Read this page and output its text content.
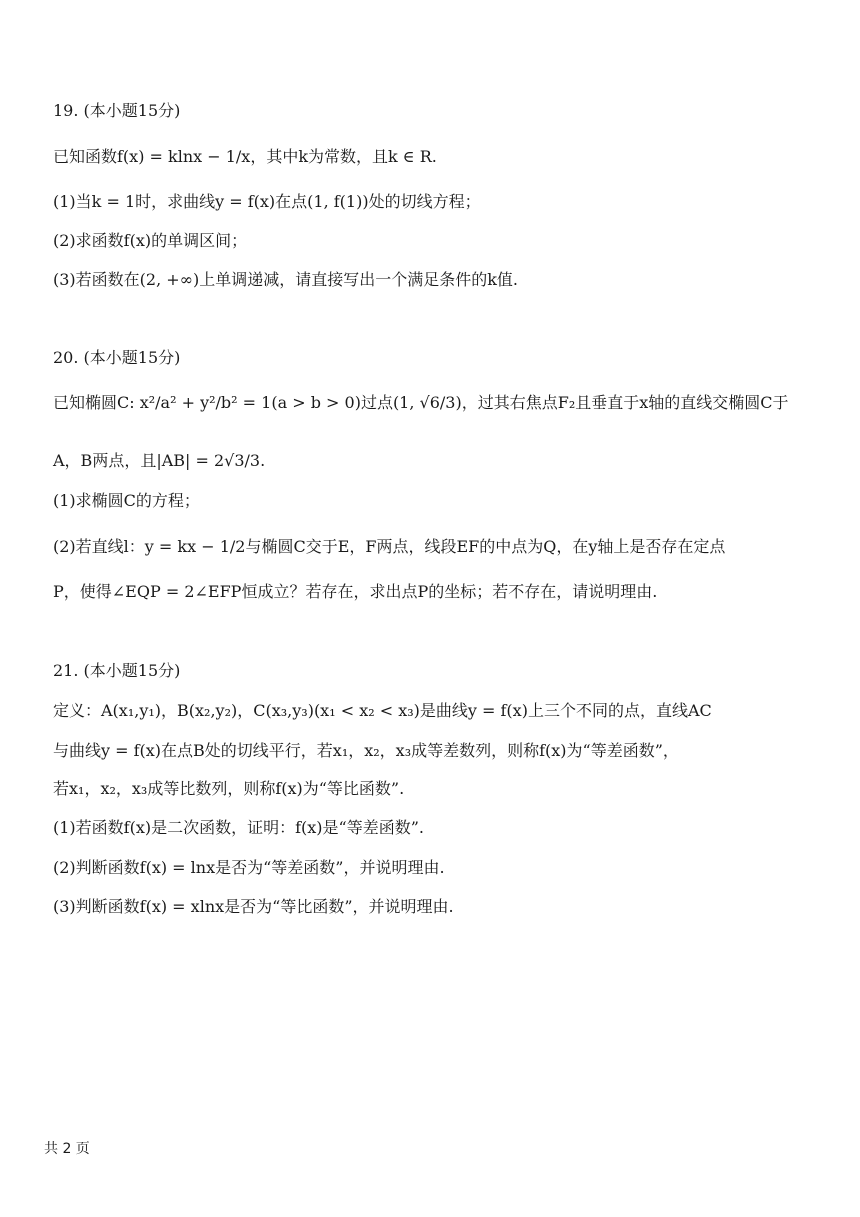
19. (本小题15分)
已知函数f(x) = klnx − 1/x，其中k为常数，且k ∈ R.
(1)当k = 1时，求曲线y = f(x)在点(1, f(1))处的切线方程；
(2)求函数f(x)的单调区间；
(3)若函数在(2, +∞)上单调递减，请直接写出一个满足条件的k值.
20. (本小题15分)
已知椭圆C: x²/a² + y²/b² = 1(a > b > 0)过点(1, √6/3)，过其右焦点F₂且垂直于x轴的直线交椭圆C于
A，B两点，且|AB| = 2√3/3.
(1)求椭圆C的方程；
(2)若直线l：y = kx − 1/2与椭圆C交于E，F两点，线段EF的中点为Q，在y轴上是否存在定点
P，使得∠EQP = 2∠EFP恒成立？若存在，求出点P的坐标；若不存在，请说明理由.
21. (本小题15分)
定义：A(x₁,y₁)，B(x₂,y₂)，C(x₃,y₃)(x₁ < x₂ < x₃)是曲线y = f(x)上三个不同的点，直线AC
与曲线y = f(x)在点B处的切线平行，若x₁，x₂，x₃成等差数列，则称f(x)为“等差函数”，
若x₁，x₂，x₃成等比数列，则称f(x)为“等比函数”.
(1)若函数f(x)是二次函数，证明：f(x)是“等差函数”.
(2)判断函数f(x) = lnx是否为“等差函数”，并说明理由.
(3)判断函数f(x) = xlnx是否为“等比函数”，并说明理由.
共 2 页
